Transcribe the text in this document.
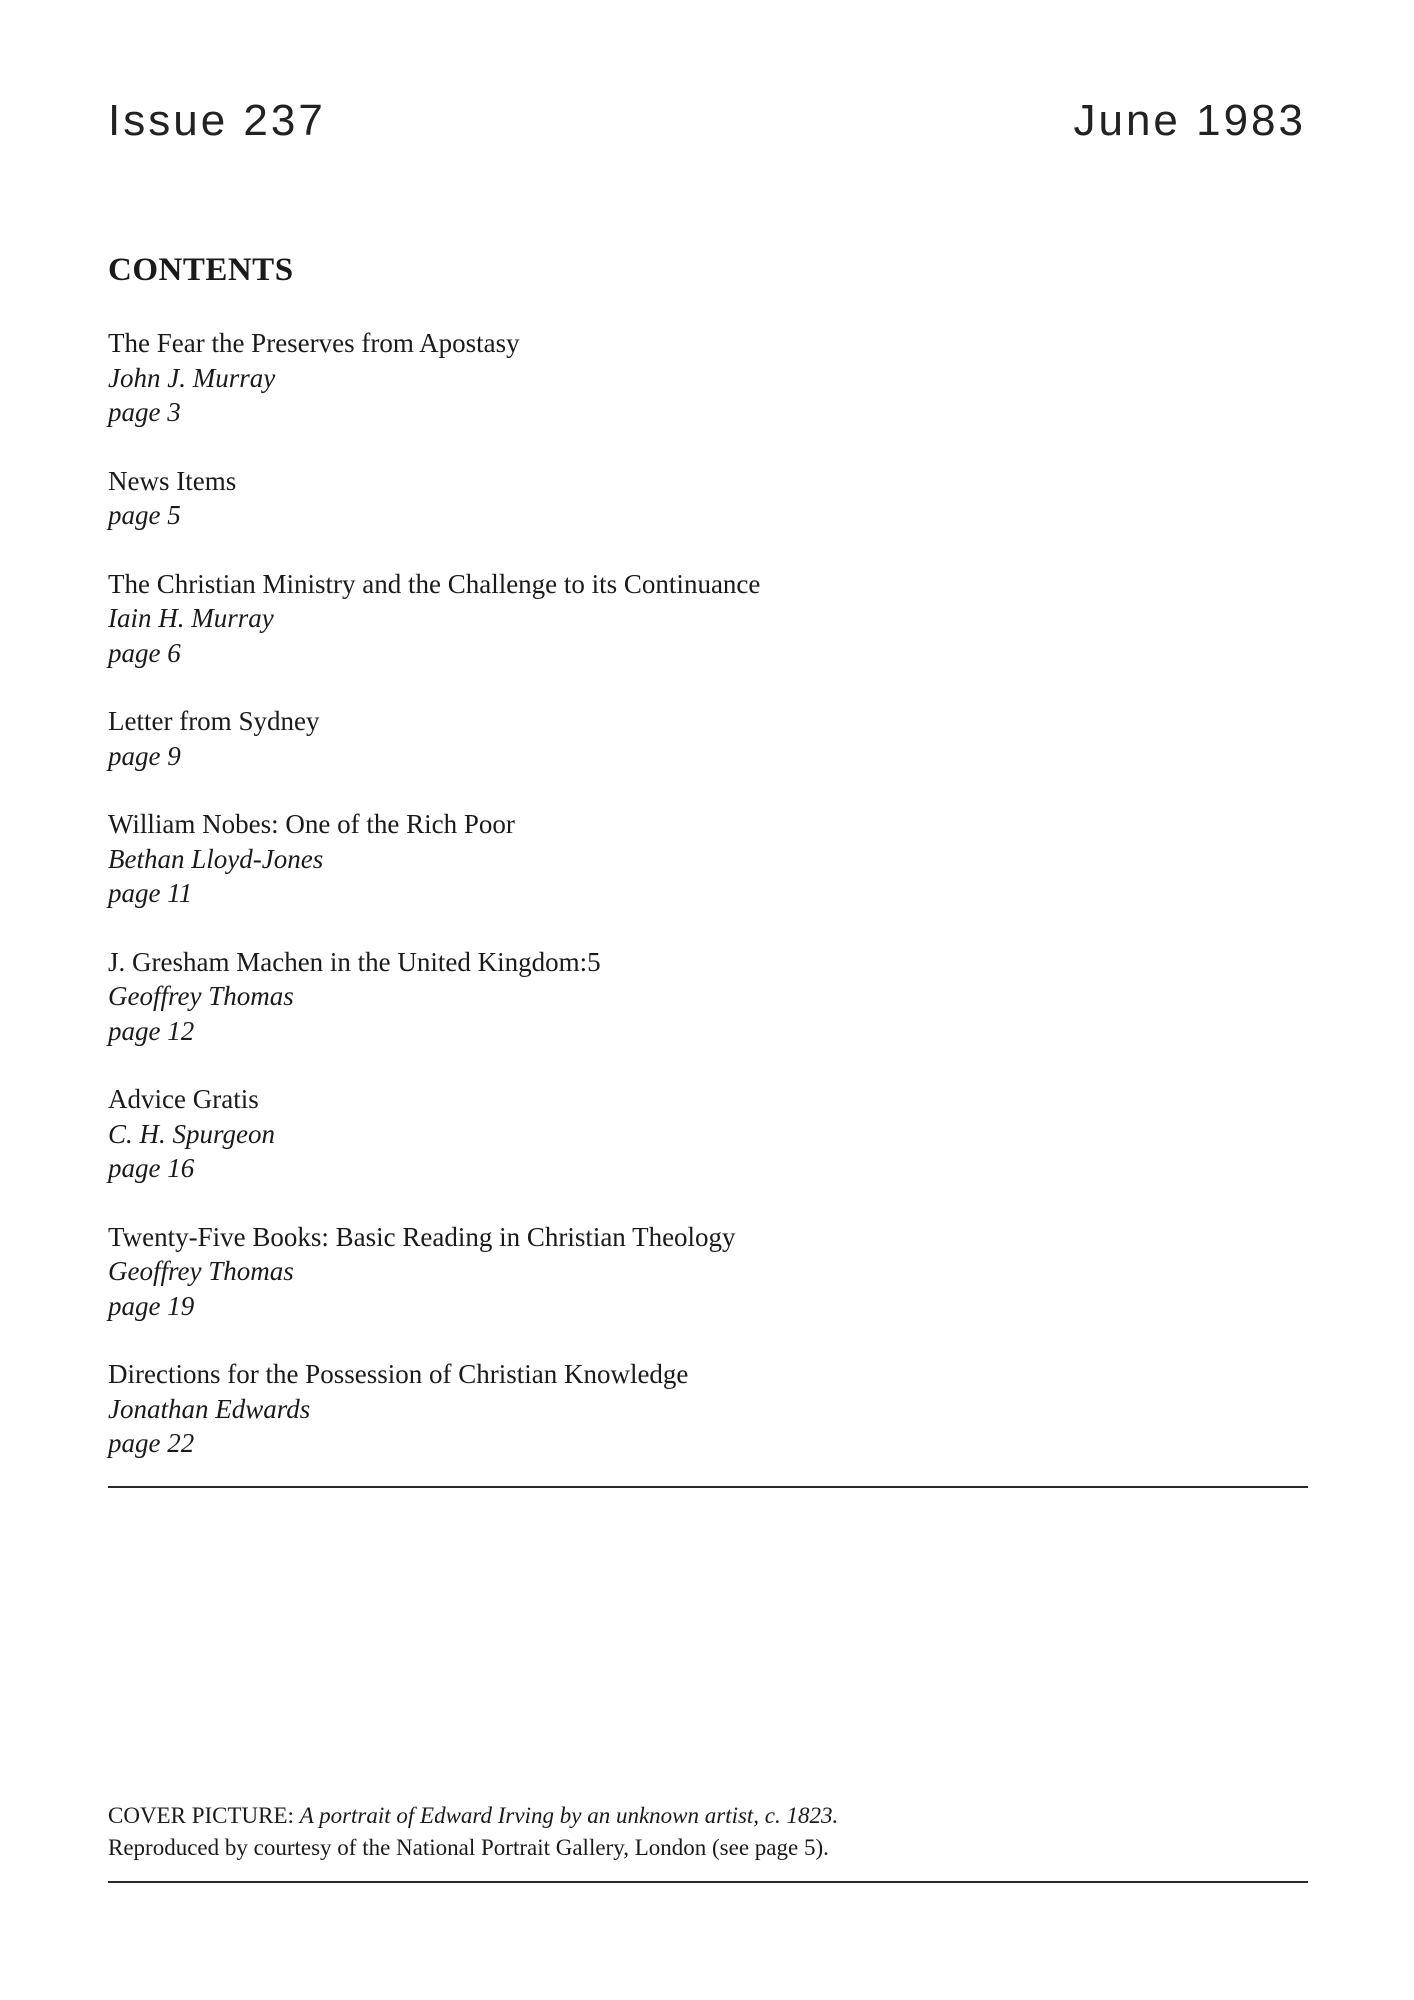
Issue 237	June 1983
CONTENTS
The Fear the Preserves from Apostasy
John J. Murray
page 3
News Items
page 5
The Christian Ministry and the Challenge to its Continuance
Iain H. Murray
page 6
Letter from Sydney
page 9
William Nobes: One of the Rich Poor
Bethan Lloyd-Jones
page 11
J. Gresham Machen in the United Kingdom:5
Geoffrey Thomas
page 12
Advice Gratis
C. H. Spurgeon
page 16
Twenty-Five Books: Basic Reading in Christian Theology
Geoffrey Thomas
page 19
Directions for the Possession of Christian Knowledge
Jonathan Edwards
page 22
COVER PICTURE: A portrait of Edward Irving by an unknown artist, c. 1823.
Reproduced by courtesy of the National Portrait Gallery, London (see page 5).
